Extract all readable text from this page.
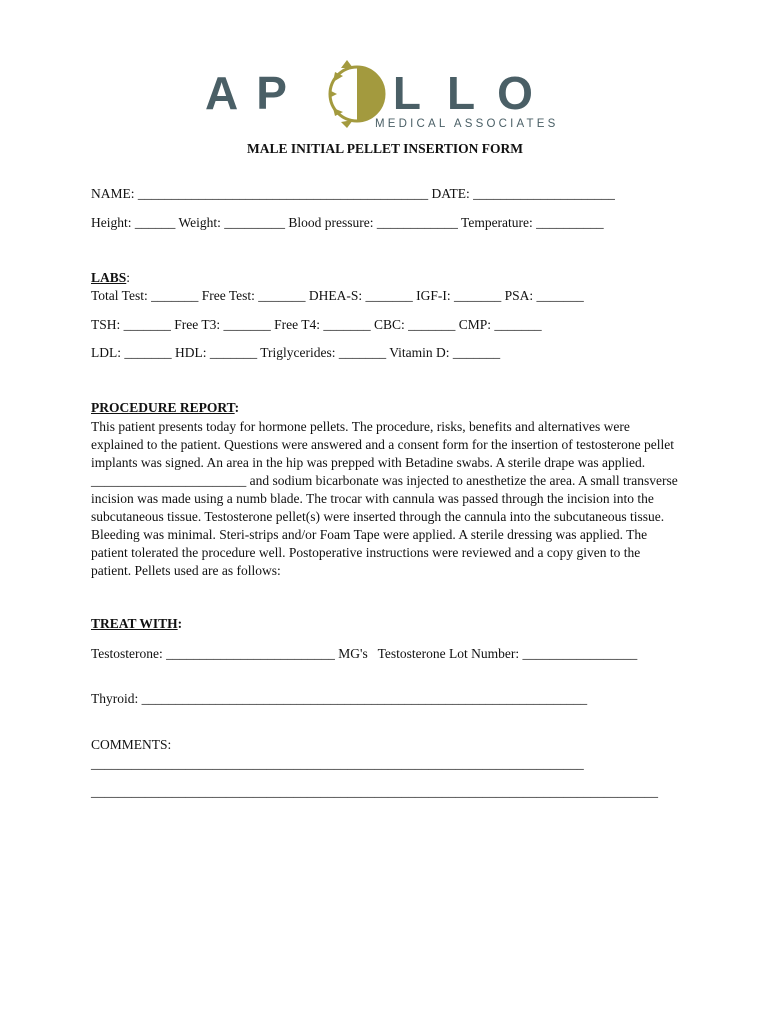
A P L L O
MEDICAL ASSOCIATES
MALE INITIAL PELLET INSERTION FORM
NAME: ___________________________________________ DATE: _____________________
Height: ______ Weight: _________ Blood pressure: ____________ Temperature: __________
LABS:
Total Test: _______ Free Test: _______ DHEA-S: _______ IGF-I: _______ PSA: _______
TSH: _______ Free T3: _______ Free T4: _______ CBC: _______ CMP: _______
LDL: _______ HDL: _______ Triglycerides: _______ Vitamin D: _______
PROCEDURE REPORT:
This patient presents today for hormone pellets. The procedure, risks, benefits and alternatives were explained to the patient. Questions were answered and a consent form for the insertion of testosterone pellet implants was signed. An area in the hip was prepped with Betadine swabs. A sterile drape was applied. _______________________ and sodium bicarbonate was injected to anesthetize the area. A small transverse incision was made using a numb blade. The trocar with cannula was passed through the incision into the subcutaneous tissue. Testosterone pellet(s) were inserted through the cannula into the subcutaneous tissue. Bleeding was minimal. Steri-strips and/or Foam Tape were applied. A sterile dressing was applied. The patient tolerated the procedure well. Postoperative instructions were reviewed and a copy given to the patient. Pellets used are as follows:
TREAT WITH:
Testosterone: _________________________ MG's   Testosterone Lot Number: _________________
Thyroid: __________________________________________________________________
COMMENTS:
_________________________________________________________________________
____________________________________________________________________________________
